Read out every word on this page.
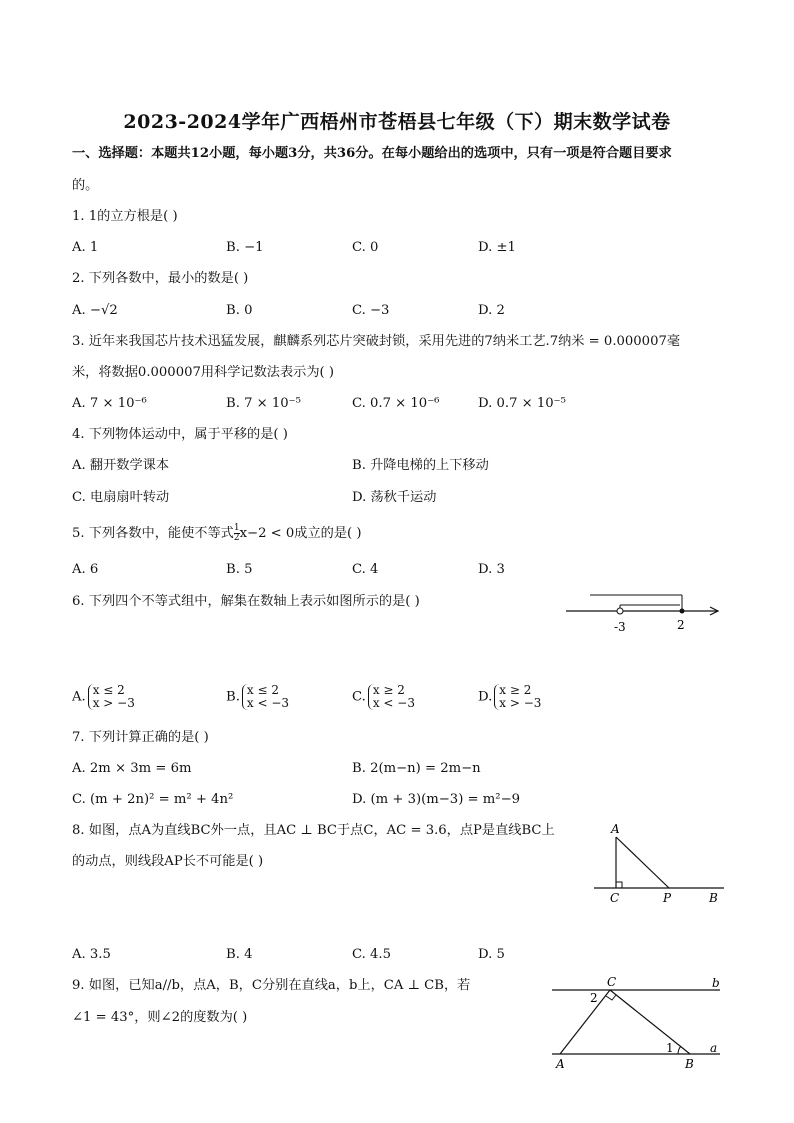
2023-2024学年广西梧州市苍梧县七年级（下）期末数学试卷
一、选择题：本题共12小题，每小题3分，共36分。在每小题给出的选项中，只有一项是符合题目要求
的。
1. 1的立方根是( )
A. 1	B. −1	C. 0	D. ±1
2. 下列各数中，最小的数是( )
A. −√2	B. 0	C. −3	D. 2
3. 近年来我国芯片技术迅猛发展，麒麟系列芯片突破封锁，采用先进的7纳米工艺.7纳米 = 0.000007毫
米，将数据0.000007用科学记数法表示为( )
A. 7 × 10⁻⁶	B. 7 × 10⁻⁵	C. 0.7 × 10⁻⁶	D. 0.7 × 10⁻⁵
4. 下列物体运动中，属于平移的是( )
A. 翻开数学课本	B. 升降电梯的上下移动
C. 电扇扇叶转动	D. 荡秋千运动
5. 下列各数中，能使不等式 $\frac{1}{2} x-2 < 0$成立的是( )
A. 6	B. 5	C. 4	D. 3
6. 下列四个不等式组中，解集在数轴上表示如图所示的是( )
-3	2
A. x ≤ 2
x > −3	B. x ≤ 2
x < −3	C. x ≥ 2
x < −3	D. x ≥ 2
x > −3
7. 下列计算正确的是( )
A. 2m × 3m = 6m	B. 2(m−n) = 2m−n
C. (m + 2n)² = m² + 4n²	D. (m + 3)(m−3) = m²−9
8. 如图，点A为直线BC外一点，且AC ⊥ BC于点C，AC = 3.6，点P是直线BC上
的动点，则线段AP长不可能是( )
A
C	P	B
A. 3.5	B. 4	C. 4.5	D. 5
9. 如图，已知a//b，点A，B，C分别在直线a，b上，CA ⊥ CB，若
∠1 = 43°，则∠2的度数为( )
C	b
2
1	a
A	B
